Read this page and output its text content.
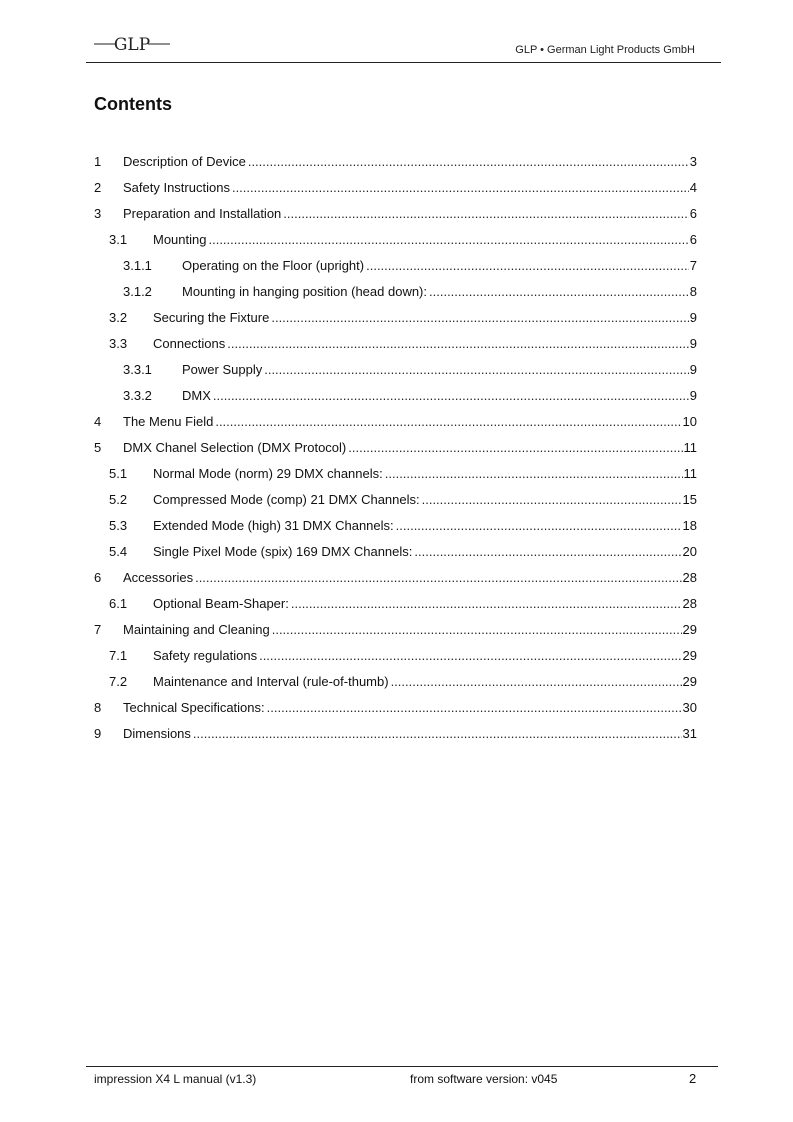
GLP	GLP • German Light Products GmbH
Contents
1	Description of Device .....	3
2	Safety Instructions .....	4
3	Preparation and Installation .....	6
3.1	Mounting .....	6
3.1.1	Operating on the Floor (upright) .....	7
3.1.2	Mounting in hanging position (head down): .....	8
3.2	Securing the Fixture .....	9
3.3	Connections .....	9
3.3.1	Power Supply .....	9
3.3.2	DMX .....	9
4	The Menu Field .....	10
5	DMX Chanel Selection (DMX Protocol) .....	11
5.1	Normal Mode (norm) 29 DMX channels: .....	11
5.2	Compressed Mode (comp) 21 DMX Channels: .....	15
5.3	Extended Mode (high) 31 DMX Channels: .....	18
5.4	Single Pixel Mode (spix) 169 DMX Channels: .....	20
6	Accessories .....	28
6.1	Optional Beam-Shaper: .....	28
7	Maintaining and Cleaning .....	29
7.1	Safety regulations .....	29
7.2	Maintenance and Interval (rule-of-thumb) .....	29
8	Technical Specifications: .....	30
9	Dimensions .....	31
impression X4 L manual (v1.3)	from software version: v045	2
